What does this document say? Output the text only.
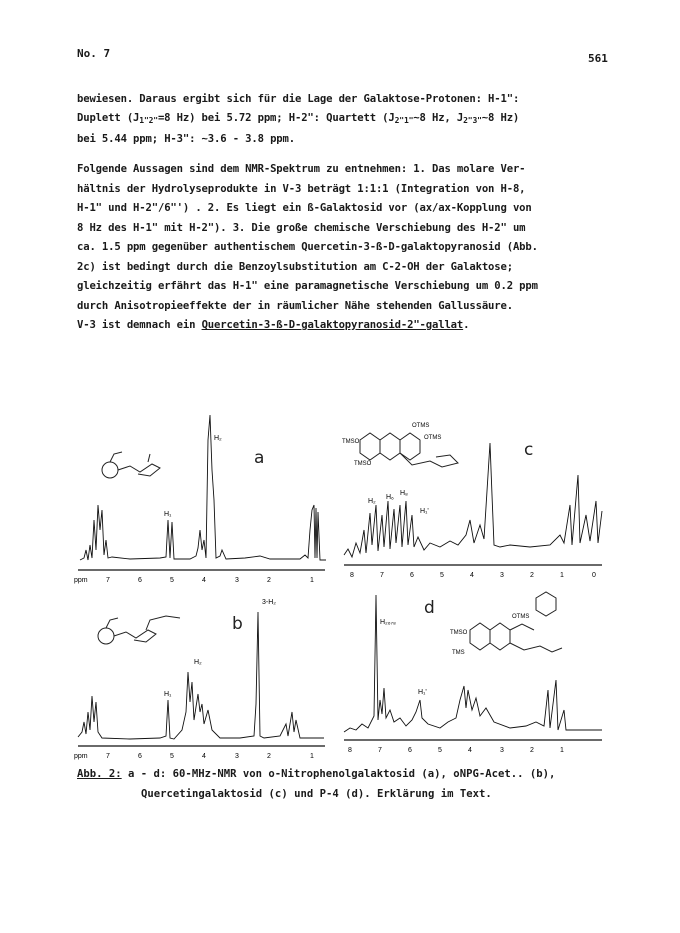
No. 7	561
bewiesen. Daraus ergibt sich für die Lage der Galaktose-Protonen: H-1":
Duplett ($J_{1"2"}=8$ Hz) bei 5.72 ppm; H-2": Quartett ($J_{2"1"}\sim 8$ Hz, $J_{2"3"}\sim 8$ Hz)
bei 5.44 ppm; H-3": ~3.6 - 3.8 ppm.
Folgende Aussagen sind dem NMR-Spektrum zu entnehmen: 1. Das molare Ver-
hältnis der Hydrolyseprodukte in V-3 beträgt 1:1:1 (Integration von H-8,
H-1" und H-2"/6"') . 2. Es liegt ein ß-Galaktosid vor (ax/ax-Kopplung von
8 Hz des H-1" mit H-2"). 3. Die große chemische Verschiebung des H-2" um
ca. 1.5 ppm gegenüber authentischem Quercetin-3-ß-D-galaktopyranosid (Abb.
2c) ist bedingt durch die Benzoylsubstitution am C-2-OH der Galaktose;
gleichzeitig erfährt das H-1" eine paramagnetische Verschiebung um 0.2 ppm
durch Anisotropieeffekte der in räumlicher Nähe stehenden Gallussäure.
V-3 ist demnach ein Quercetin-3-ß-D-galaktopyranosid-2"-gallat.
ppm	7	6	5	4	3	2	1
H₂
H₁
a
OTMS
OTMS
TMSO
TMSO
8	7	6	5	4	3	2	1	0
H₂
H₆
H₈
H₁'
c
ppm	7	6	5	4	3	2	1
3-H₂
H₂
H₁
b	OTMS
TMSO
TMS
8	7	6	5	4	3	2	1
H₂₆₇₈
H₁'
d
Abb. 2: a - d: 60-MHz-NMR von o-Nitrophenolgalaktosid (a), oNPG-Acet.. (b),
Quercetingalaktosid (c) und P-4 (d). Erklärung im Text.
